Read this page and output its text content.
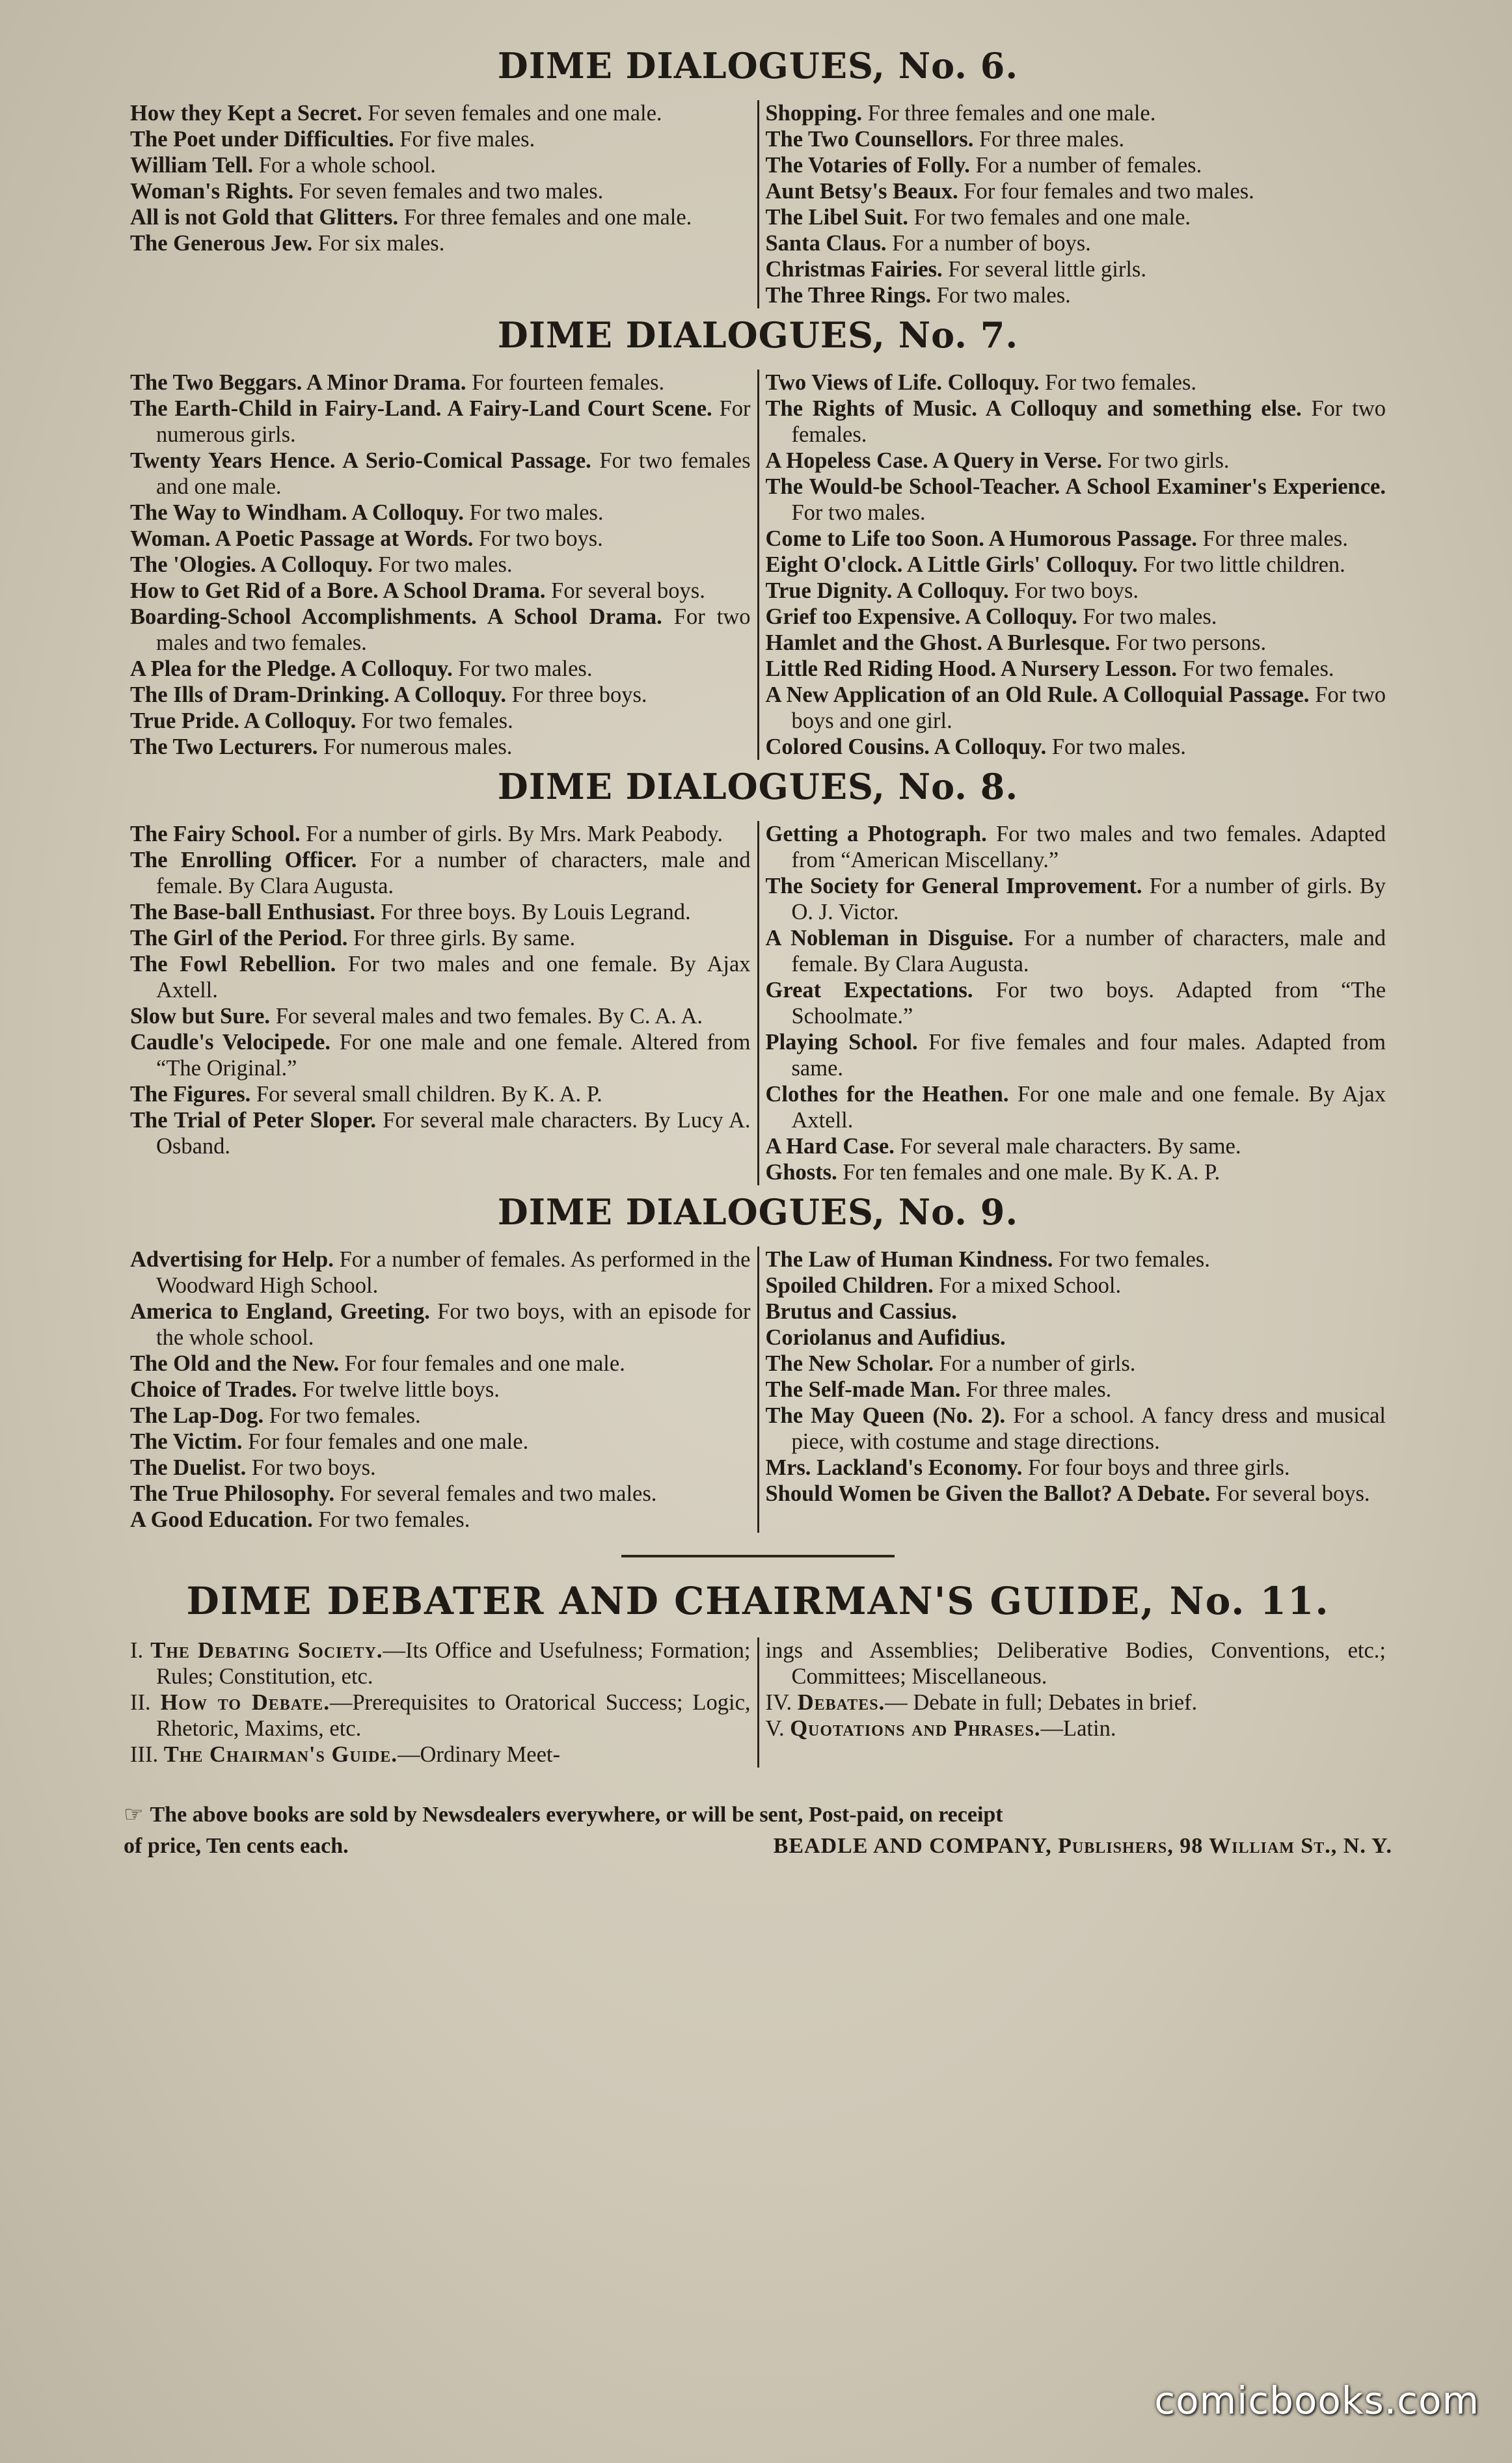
DIME DIALOGUES, No. 6.

How they Kept a Secret. For seven females and one male.

The Poet under Difficulties. For five males.

William Tell. For a whole school.

Woman's Rights. For seven females and two males.

All is not Gold that Glitters. For three females and one male.

The Generous Jew. For six males.

Shopping. For three females and one male.

The Two Counsellors. For three males.

The Votaries of Folly. For a number of females.

Aunt Betsy's Beaux. For four females and two males.

The Libel Suit. For two females and one male.

Santa Claus. For a number of boys.

Christmas Fairies. For several little girls.

The Three Rings. For two males.

DIME DIALOGUES, No. 7.

The Two Beggars. A Minor Drama. For fourteen females.

The Earth-Child in Fairy-Land. A Fairy-Land Court Scene. For numerous girls.

Twenty Years Hence. A Serio-Comical Passage. For two females and one male.

The Way to Windham. A Colloquy. For two males.

Woman. A Poetic Passage at Words. For two boys.

The 'Ologies. A Colloquy. For two males.

How to Get Rid of a Bore. A School Drama. For several boys.

Boarding-School Accomplishments. A School Drama. For two males and two females.

A Plea for the Pledge. A Colloquy. For two males.

The Ills of Dram-Drinking. A Colloquy. For three boys.

True Pride. A Colloquy. For two females.

The Two Lecturers. For numerous males.

Two Views of Life. Colloquy. For two females.

The Rights of Music. A Colloquy and something else. For two females.

A Hopeless Case. A Query in Verse. For two girls.

The Would-be School-Teacher. A School Examiner's Experience. For two males.

Come to Life too Soon. A Humorous Passage. For three males.

Eight O'clock. A Little Girls' Colloquy. For two little children.

True Dignity. A Colloquy. For two boys.

Grief too Expensive. A Colloquy. For two males.

Hamlet and the Ghost. A Burlesque. For two persons.

Little Red Riding Hood. A Nursery Lesson. For two females.

A New Application of an Old Rule. A Colloquial Passage. For two boys and one girl.

Colored Cousins. A Colloquy. For two males.

DIME DIALOGUES, No. 8.

The Fairy School. For a number of girls. By Mrs. Mark Peabody.

The Enrolling Officer. For a number of characters, male and female. By Clara Augusta.

The Base-ball Enthusiast. For three boys. By Louis Legrand.

The Girl of the Period. For three girls. By same.

The Fowl Rebellion. For two males and one female. By Ajax Axtell.

Slow but Sure. For several males and two females. By C. A. A.

Caudle's Velocipede. For one male and one female. Altered from “The Original.”

The Figures. For several small children. By K. A. P.

The Trial of Peter Sloper. For several male characters. By Lucy A. Osband.

Getting a Photograph. For two males and two females. Adapted from “American Miscellany.”

The Society for General Improvement. For a number of girls. By O. J. Victor.

A Nobleman in Disguise. For a number of characters, male and female. By Clara Augusta.

Great Expectations. For two boys. Adapted from “The Schoolmate.”

Playing School. For five females and four males. Adapted from same.

Clothes for the Heathen. For one male and one female. By Ajax Axtell.

A Hard Case. For several male characters. By same.

Ghosts. For ten females and one male. By K. A. P.

DIME DIALOGUES, No. 9.

Advertising for Help. For a number of females. As performed in the Woodward High School.

America to England, Greeting. For two boys, with an episode for the whole school.

The Old and the New. For four females and one male.

Choice of Trades. For twelve little boys.

The Lap-Dog. For two females.

The Victim. For four females and one male.

The Duelist. For two boys.

The True Philosophy. For several females and two males.

A Good Education. For two females.

The Law of Human Kindness. For two females.

Spoiled Children. For a mixed School.

Brutus and Cassius.

Coriolanus and Aufidius.

The New Scholar. For a number of girls.

The Self-made Man. For three males.

The May Queen (No. 2). For a school. A fancy dress and musical piece, with costume and stage directions.

Mrs. Lackland's Economy. For four boys and three girls.

Should Women be Given the Ballot? A Debate. For several boys.

DIME DEBATER AND CHAIRMAN'S GUIDE, No. 11.

I. The Debating Society.—Its Office and Usefulness; Formation; Rules; Constitution, etc.

II. How to Debate.—Prerequisites to Oratorical Success; Logic, Rhetoric, Maxims, etc.

III. The Chairman's Guide.—Ordinary Meet-

ings and Assemblies; Deliberative Bodies, Conventions, etc.; Committees; Miscellaneous.

IV. Debates.— Debate in full; Debates in brief.

V. Quotations and Phrases.—Latin.

☞ The above books are sold by Newsdealers everywhere, or will be sent, Post-paid, on receipt
of price, Ten cents each.	BEADLE AND COMPANY, Publishers, 98 William St., N. Y.
comicbooks.com
